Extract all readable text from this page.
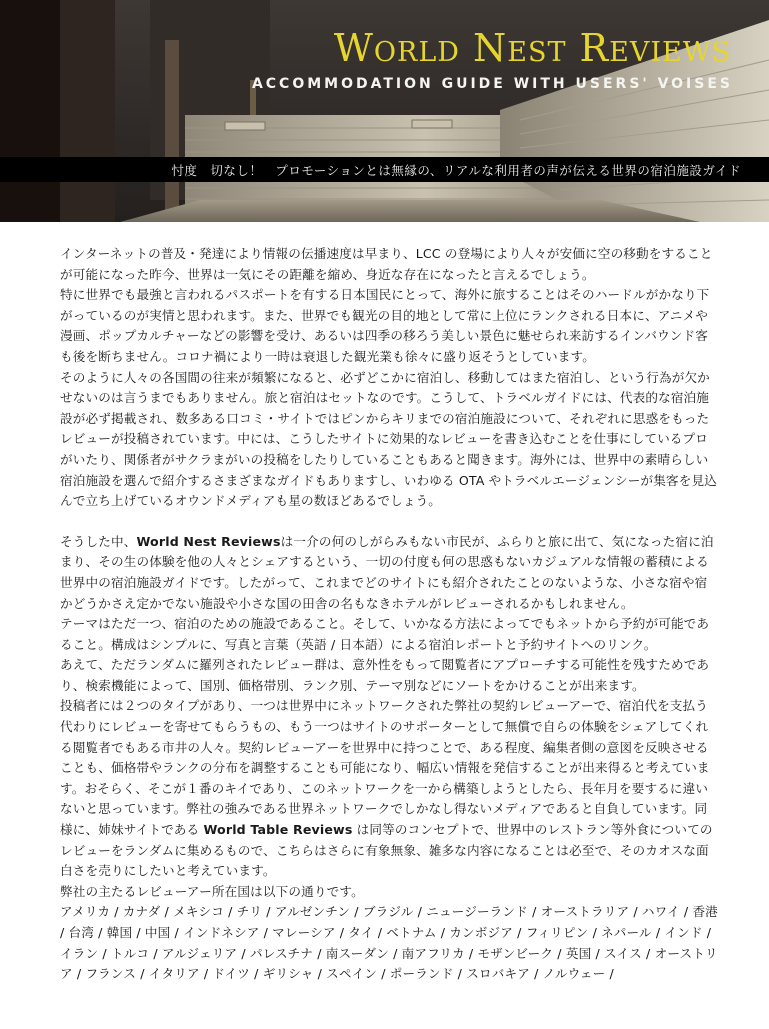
World Nest Reviews
ACCOMMODATION GUIDE WITH USERS' VOISES
忖度　切なし！　プロモーションとは無縁の、リアルな利用者の声が伝える世界の宿泊施設ガイド

インターネットの普及・発達により情報の伝播速度は早まり、LCC の登場により人々が安価に空の移動をすることが可能になった昨今、世界は一気にその距離を縮め、身近な存在になったと言えるでしょう。

特に世界でも最強と言われるパスポートを有する日本国民にとって、海外に旅することはそのハードルがかなり下がっているのが実情と思われます。また、世界でも観光の目的地として常に上位にランクされる日本に、アニメや漫画、ポップカルチャーなどの影響を受け、あるいは四季の移ろう美しい景色に魅せられ来訪するインバウンド客も後を断ちません。コロナ禍により一時は衰退した観光業も徐々に盛り返そうとしています。

そのように人々の各国間の往来が頻繁になると、必ずどこかに宿泊し、移動してはまた宿泊し、という行為が欠かせないのは言うまでもありません。旅と宿泊はセットなのです。こうして、トラベルガイドには、代表的な宿泊施設が必ず掲載され、数多ある口コミ・サイトではピンからキリまでの宿泊施設について、それぞれに思惑をもったレビューが投稿されています。中には、こうしたサイトに効果的なレビューを書き込むことを仕事にしているプロがいたり、関係者がサクラまがいの投稿をしたりしていることもあると聞きます。海外には、世界中の素晴らしい宿泊施設を選んで紹介するさまざまなガイドもありますし、いわゆる OTA やトラベルエージェンシーが集客を見込んで立ち上げているオウンドメディアも星の数ほどあるでしょう。

そうした中、World Nest Reviewsは一介の何のしがらみもない市民が、ふらりと旅に出て、気になった宿に泊まり、その生の体験を他の人々とシェアするという、一切の付度も何の思惑もないカジュアルな情報の蓄積による世界中の宿泊施設ガイドです。したがって、これまでどのサイトにも紹介されたことのないような、小さな宿や宿かどうかさえ定かでない施設や小さな国の田舎の名もなきホテルがレビューされるかもしれません。

テーマはただ一つ、宿泊のための施設であること。そして、いかなる方法によってでもネットから予約が可能であること。構成はシンプルに、写真と言葉（英語 / 日本語）による宿泊レポートと予約サイトへのリンク。

あえて、ただランダムに羅列されたレビュー群は、意外性をもって閲覧者にアプローチする可能性を残すためであり、検索機能によって、国別、価格帯別、ランク別、テーマ別などにソートをかけることが出来ます。

投稿者には２つのタイプがあり、一つは世界中にネットワークされた弊社の契約レビューアーで、宿泊代を支払う代わりにレビューを寄せてもらうもの、もう一つはサイトのサポーターとして無償で自らの体験をシェアしてくれる閲覧者でもある市井の人々。契約レビューアーを世界中に持つことで、ある程度、編集者側の意図を反映させることも、価格帯やランクの分布を調整することも可能になり、幅広い情報を発信することが出来得ると考えています。おそらく、そこが１番のキイであり、このネットワークを一から構築しようとしたら、長年月を要するに違いないと思っています。弊社の強みである世界ネットワークでしかなし得ないメディアであると自負しています。同様に、姉妹サイトである World Table Reviews は同等のコンセプトで、世界中のレストラン等外食についてのレビューをランダムに集めるもので、こちらはさらに有象無象、雑多な内容になることは必至で、そのカオスな面白さを売りにしたいと考えています。

弊社の主たるレビューアー所在国は以下の通りです。

アメリカ / カナダ / メキシコ / チリ / アルゼンチン / ブラジル / ニュージーランド / オーストラリア / ハワイ / 香港 / 台湾 / 韓国 / 中国 / インドネシア / マレーシア / タイ / ベトナム / カンボジア / フィリピン / ネパール / インド / イラン / トルコ / アルジェリア / パレスチナ / 南スーダン / 南アフリカ / モザンビーク / 英国 / スイス / オーストリア / フランス / イタリア / ドイツ / ギリシャ / スペイン / ポーランド / スロバキア / ノルウェー /
